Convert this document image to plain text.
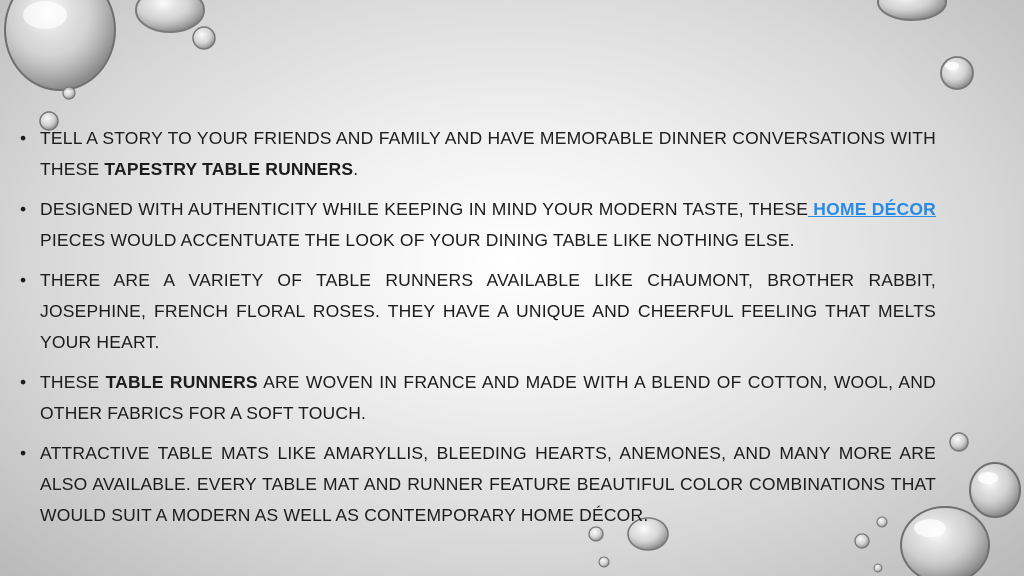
• TELL A STORY TO YOUR FRIENDS AND FAMILY AND HAVE MEMORABLE DINNER CONVERSATIONS WITH THESE TAPESTRY TABLE RUNNERS.
• DESIGNED WITH AUTHENTICITY WHILE KEEPING IN MIND YOUR MODERN TASTE, THESE HOME DÉCOR PIECES WOULD ACCENTUATE THE LOOK OF YOUR DINING TABLE LIKE NOTHING ELSE.
• THERE ARE A VARIETY OF TABLE RUNNERS AVAILABLE LIKE CHAUMONT, BROTHER RABBIT, JOSEPHINE, FRENCH FLORAL ROSES. THEY HAVE A UNIQUE AND CHEERFUL FEELING THAT MELTS YOUR HEART.
• THESE TABLE RUNNERS ARE WOVEN IN FRANCE AND MADE WITH A BLEND OF COTTON, WOOL, AND OTHER FABRICS FOR A SOFT TOUCH.
• ATTRACTIVE TABLE MATS LIKE AMARYLLIS, BLEEDING HEARTS, ANEMONES, AND MANY MORE ARE ALSO AVAILABLE. EVERY TABLE MAT AND RUNNER FEATURE BEAUTIFUL COLOR COMBINATIONS THAT WOULD SUIT A MODERN AS WELL AS CONTEMPORARY HOME DÉCOR.
